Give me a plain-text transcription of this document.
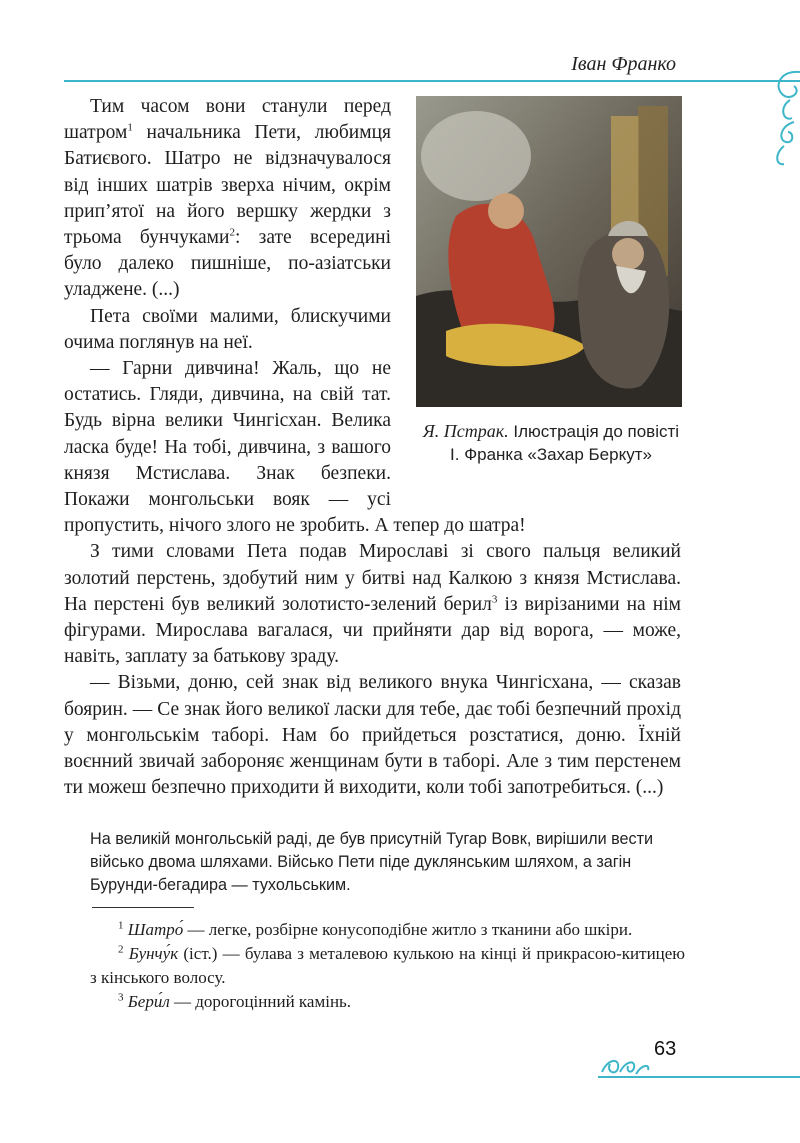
Іван Франко
Я. Пстрак. Ілюстрація до повісті І. Франка «Захар Беркут»

Тим часом вони станули перед шатром$^1$ начальника Пети, любимця Батиєвого. Шатро не відзначувалося від інших шатрів зверха нічим, окрім прип’ятої на його вершку жердки з трьома бунчуками$^2$: зате всередині було далеко пишніше, по-азіатськи уладжене. (...)

Пета своїми малими, блискучими очима поглянув на неї.

— Гарни дивчина! Жаль, що не остатись. Гляди, дивчина, на свій тат. Будь вірна велики Чингісхан. Велика ласка буде! На тобі, дивчина, з вашого князя Мстислава. Знак безпеки. Покажи монгольськи вояк — усі пропустить, нічого злого не зробить. А тепер до шатра!

З тими словами Пета подав Мирославі зі свого пальця великий золотий перстень, здобутий ним у битві над Калкою з князя Мстислава. На перстені був великий золотисто-зелений берил$^3$ із вирізаними на нім фігурами. Мирослава вагалася, чи прийняти дар від ворога, — може, навіть, заплату за батькову зраду.

— Візьми, доню, сей знак від великого внука Чингісхана, — сказав боярин. — Се знак його великої ласки для тебе, дає тобі безпечний прохід у монгольськім таборі. Нам бо прийдеться розстатися, доню. Їхній воєнний звичай забороняє женщинам бути в таборі. Але з тим перстенем ти можеш безпечно приходити й виходити, коли тобі запотребиться. (...)

На великій монгольській раді, де був присутній Тугар Вовк, вирішили вести військо двома шляхами. Військо Пети піде дуклянським шляхом, а загін Бурунди-бегадира — тухольським.

$^1$ Шатро́ — легке, розбірне конусоподібне житло з тканини або шкіри.

$^2$ Бунчу́к (іст.) — булава з металевою кулькою на кінці й прикрасою-китицею з кінського волосу.

$^3$ Бери́л — дорогоцінний камінь.

63
